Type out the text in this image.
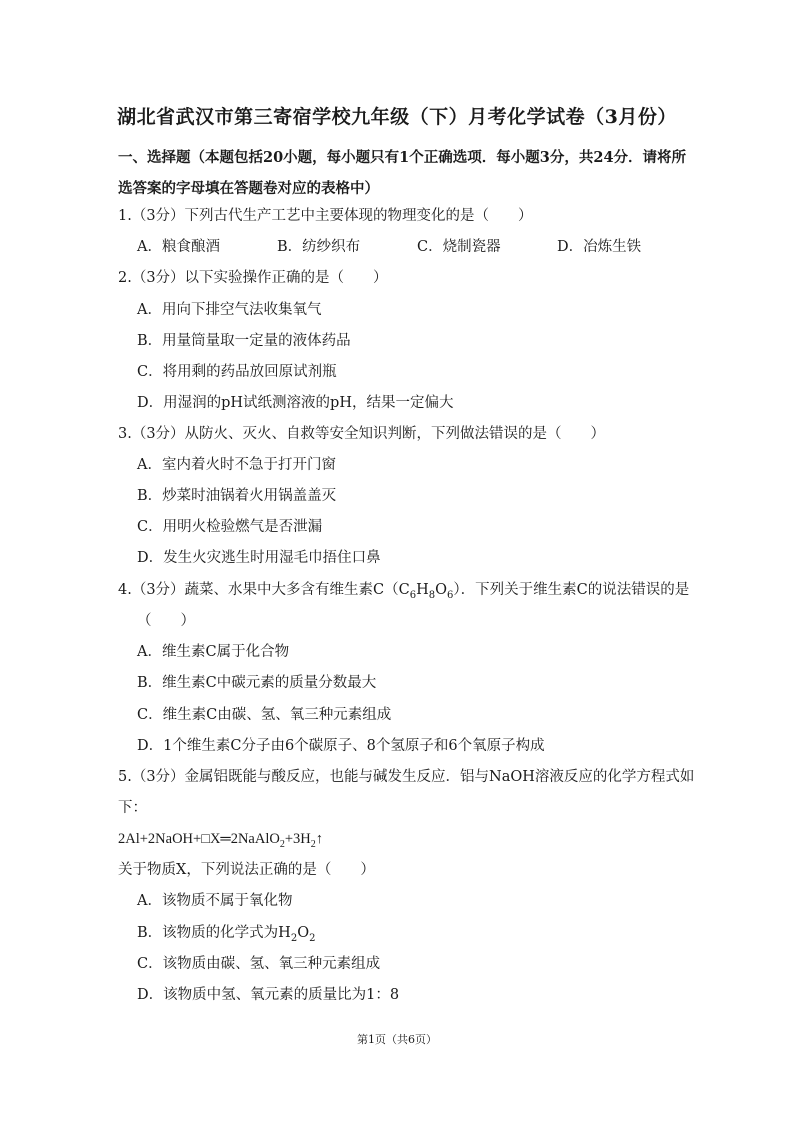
湖北省武汉市第三寄宿学校九年级（下）月考化学试卷（3月份）
一、选择题（本题包括20小题，每小题只有1个正确选项．每小题3分，共24分．请将所选答案的字母填在答题卷对应的表格中）
1.（3分）下列古代生产工艺中主要体现的物理变化的是（　　）
A．粮食酿酒	B．纺纱织布	C．烧制瓷器	D．冶炼生铁
2.（3分）以下实验操作正确的是（　　）
A．用向下排空气法收集氧气
B．用量筒量取一定量的液体药品
C．将用剩的药品放回原试剂瓶
D．用湿润的pH试纸测溶液的pH，结果一定偏大
3.（3分）从防火、灭火、自救等安全知识判断，下列做法错误的是（　　）
A．室内着火时不急于打开门窗
B．炒菜时油锅着火用锅盖盖灭
C．用明火检验燃气是否泄漏
D．发生火灾逃生时用湿毛巾捂住口鼻
4.（3分）蔬菜、水果中大多含有维生素$C(C_6H_8O_6)$．下列关于维生素C的说法错误的是
（　　）
A．维生素C属于化合物
B．维生素C中碳元素的质量分数最大
C．维生素C由碳、氢、氧三种元素组成
D．1个维生素C分子由6个碳原子、8个氢原子和6个氧原子构成
5.（3分）金属铝既能与酸反应，也能与碱发生反应．铝与NaOH溶液反应的化学方程式如
下：
$2Al+2NaOH+□X═2NaAlO_2+3H_2↑$
关于物质X，下列说法正确的是（　　）
A．该物质不属于氧化物
B．该物质的化学式为$H_2O_2$
C．该物质由碳、氢、氧三种元素组成
D．该物质中氢、氧元素的质量比为1：8
第1页（共6页）
